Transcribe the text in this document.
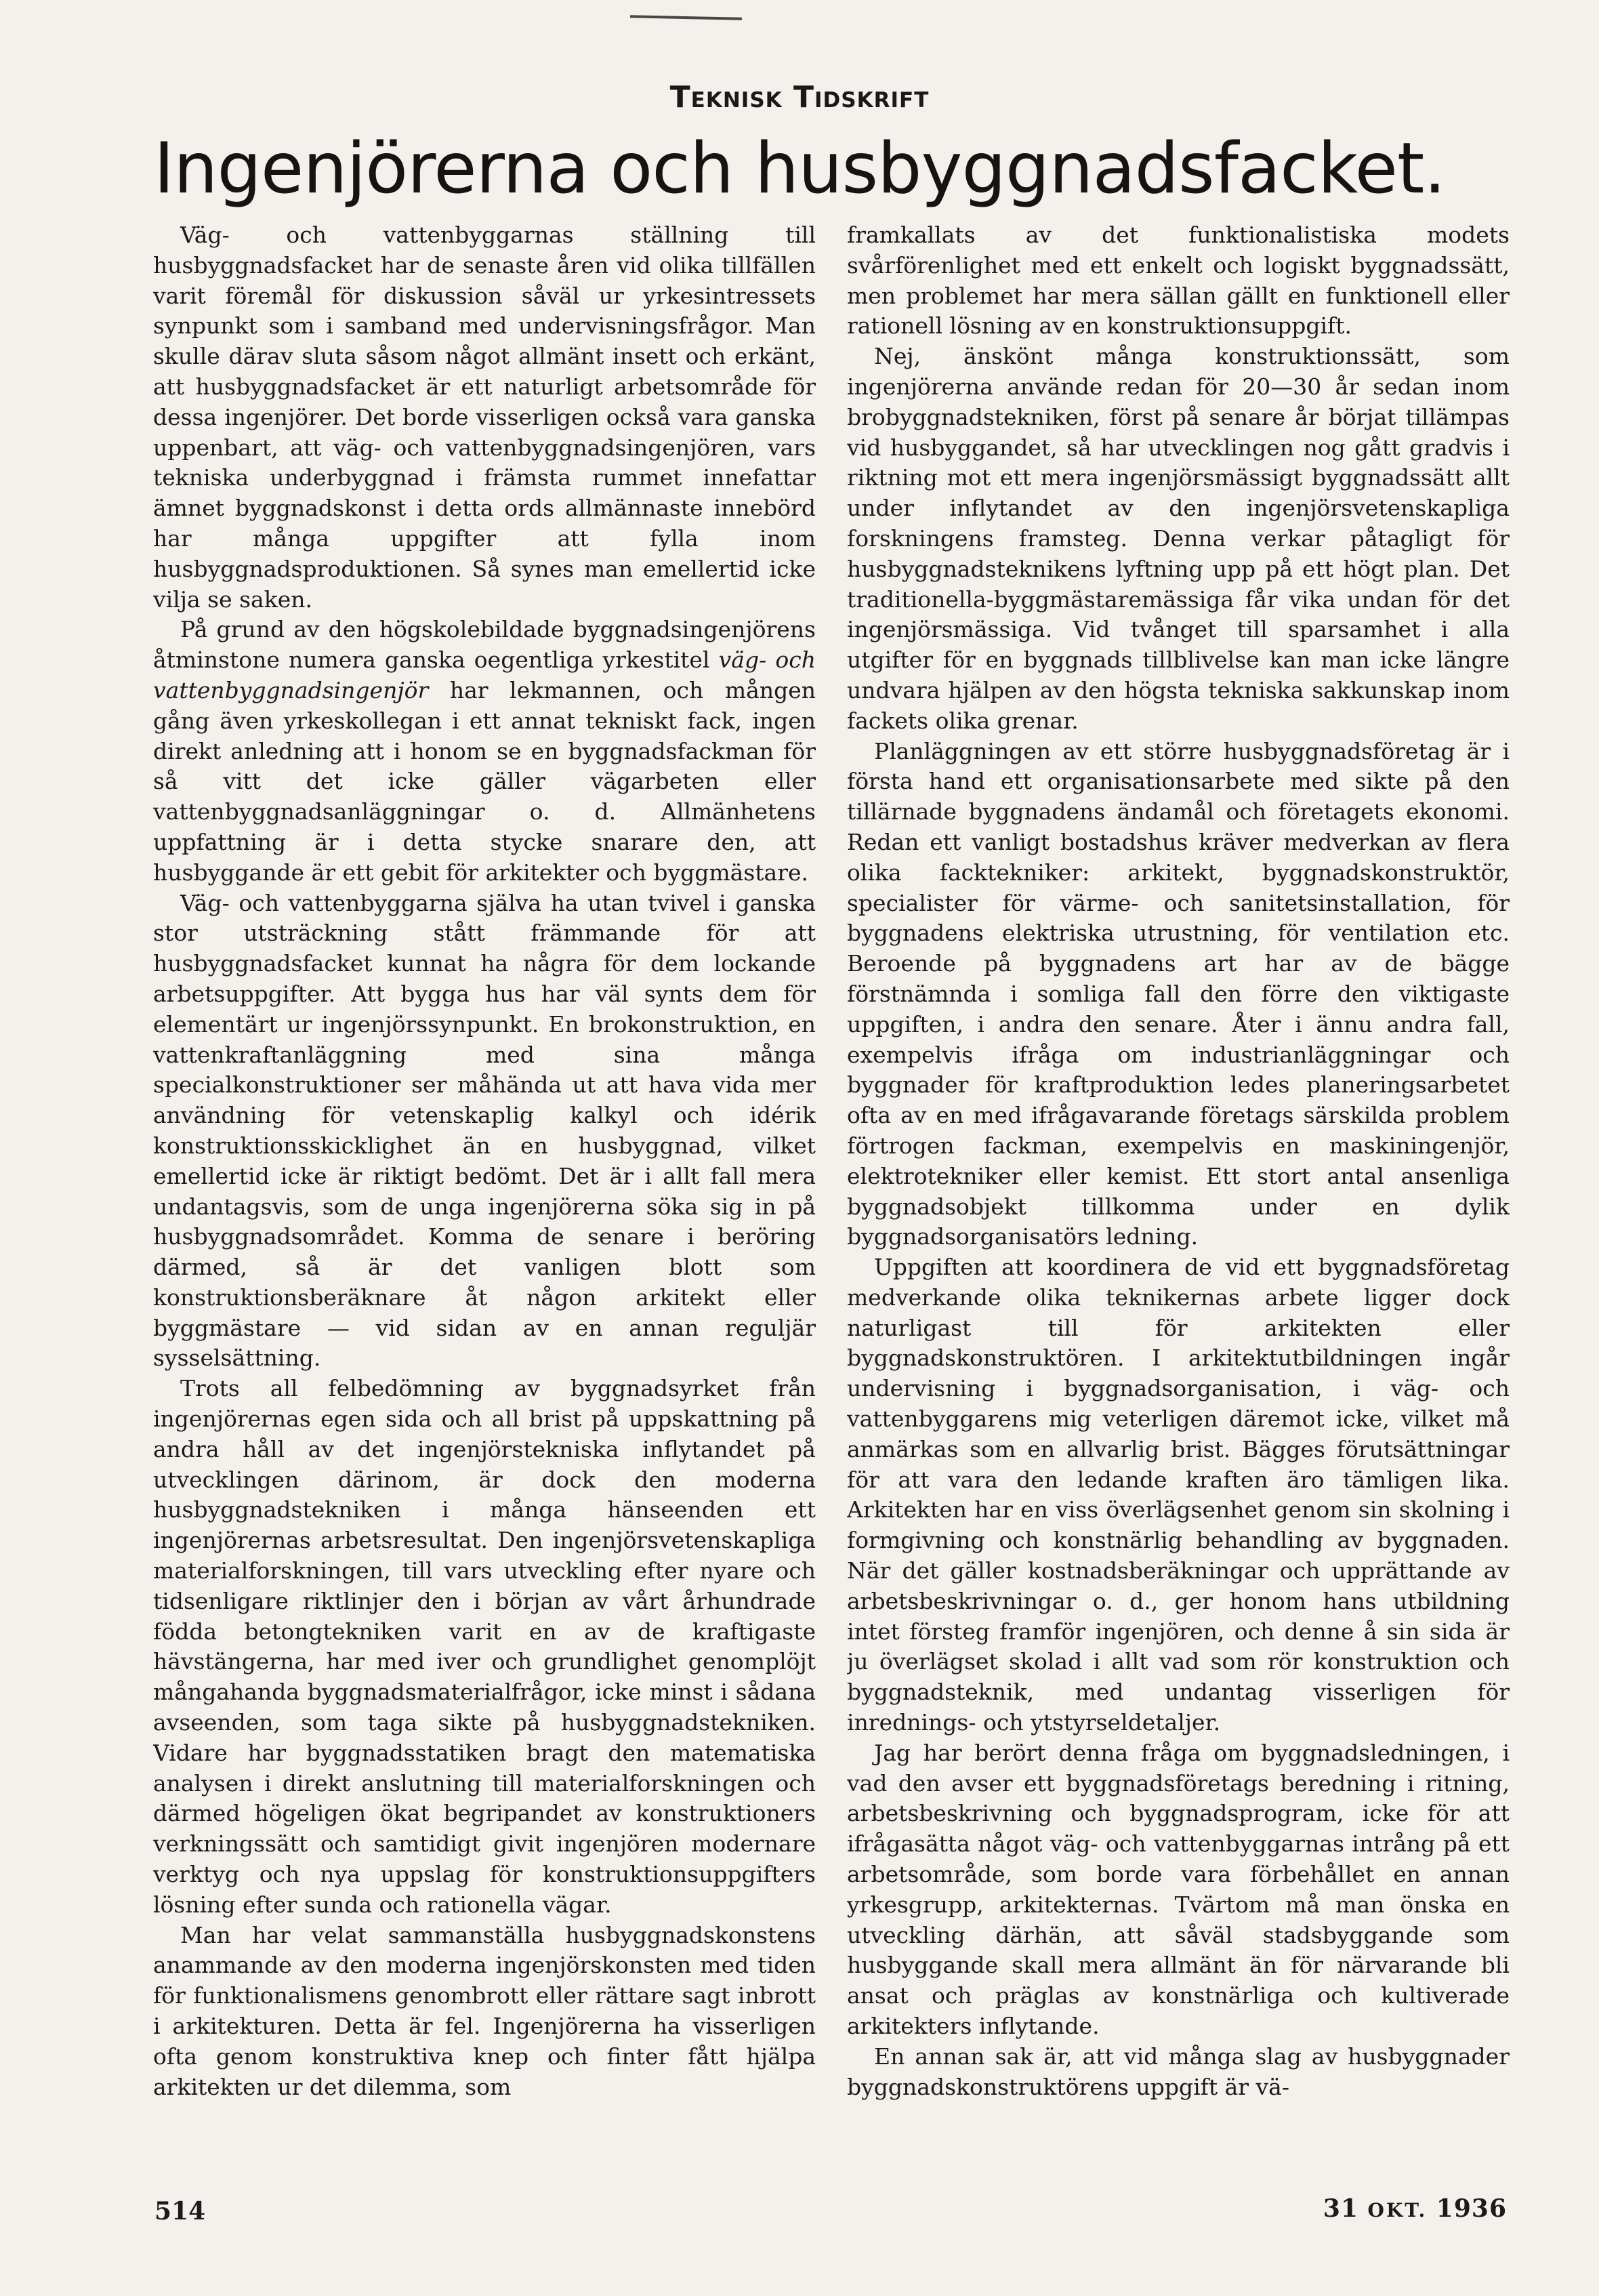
Teknisk Tidskrift
Ingenjörerna och husbyggnadsfacket.

Väg- och vattenbyggarnas ställning till husbyggnadsfacket har de senaste åren vid olika tillfällen varit föremål för diskussion såväl ur yrkesintressets synpunkt som i samband med undervisningsfrågor. Man skulle därav sluta såsom något allmänt insett och erkänt, att husbyggnadsfacket är ett naturligt arbetsområde för dessa ingenjörer. Det borde visserligen också vara ganska uppenbart, att väg- och vattenbyggnadsingenjören, vars tekniska underbyggnad i främsta rummet innefattar ämnet byggnadskonst i detta ords allmännaste innebörd har många uppgifter att fylla inom husbyggnadsproduktionen. Så synes man emellertid icke vilja se saken.

På grund av den högskolebildade byggnadsingenjörens åtminstone numera ganska oegentliga yrkestitel väg- och vattenbyggnadsingenjör har lekmannen, och mången gång även yrkeskollegan i ett annat tekniskt fack, ingen direkt anledning att i honom se en byggnadsfackman för så vitt det icke gäller vägarbeten eller vattenbyggnadsanläggningar o. d. Allmänhetens uppfattning är i detta stycke snarare den, att husbyggande är ett gebit för arkitekter och byggmästare.

Väg- och vattenbyggarna själva ha utan tvivel i ganska stor utsträckning stått främmande för att husbyggnadsfacket kunnat ha några för dem lockande arbetsuppgifter. Att bygga hus har väl synts dem för elementärt ur ingenjörssynpunkt. En brokonstruktion, en vattenkraftanläggning med sina många specialkonstruktioner ser måhända ut att hava vida mer användning för vetenskaplig kalkyl och idérik konstruktionsskicklighet än en husbyggnad, vilket emellertid icke är riktigt bedömt. Det är i allt fall mera undantagsvis, som de unga ingenjörerna söka sig in på husbyggnadsområdet. Komma de senare i beröring därmed, så är det vanligen blott som konstruktionsberäknare åt någon arkitekt eller byggmästare — vid sidan av en annan reguljär sysselsättning.

Trots all felbedömning av byggnadsyrket från ingenjörernas egen sida och all brist på uppskattning på andra håll av det ingenjörstekniska inflytandet på utvecklingen därinom, är dock den moderna husbyggnadstekniken i många hänseenden ett ingenjörernas arbetsresultat. Den ingenjörsvetenskapliga materialforskningen, till vars utveckling efter nyare och tidsenligare riktlinjer den i början av vårt århundrade födda betongtekniken varit en av de kraftigaste hävstängerna, har med iver och grundlighet genomplöjt mångahanda byggnadsmaterialfrågor, icke minst i sådana avseenden, som taga sikte på husbyggnadstekniken. Vidare har byggnadsstatiken bragt den matematiska analysen i direkt anslutning till materialforskningen och därmed högeligen ökat begripandet av konstruktioners verkningssätt och samtidigt givit ingenjören modernare verktyg och nya uppslag för konstruktionsuppgifters lösning efter sunda och rationella vägar.

Man har velat sammanställa husbyggnadskonstens anammande av den moderna ingenjörskonsten med tiden för funktionalismens genombrott eller rättare sagt inbrott i arkitekturen. Detta är fel. Ingenjörerna ha visserligen ofta genom konstruktiva knep och finter fått hjälpa arkitekten ur det dilemma, som

framkallats av det funktionalistiska modets svårförenlighet med ett enkelt och logiskt byggnadssätt, men problemet har mera sällan gällt en funktionell eller rationell lösning av en konstruktionsuppgift.

Nej, änskönt många konstruktionssätt, som ingenjörerna använde redan för 20—30 år sedan inom brobyggnadstekniken, först på senare år börjat tillämpas vid husbyggandet, så har utvecklingen nog gått gradvis i riktning mot ett mera ingenjörsmässigt byggnadssätt allt under inflytandet av den ingenjörsvetenskapliga forskningens framsteg. Denna verkar påtagligt för husbyggnadsteknikens lyftning upp på ett högt plan. Det traditionella-byggmästaremässiga får vika undan för det ingenjörsmässiga. Vid tvånget till sparsamhet i alla utgifter för en byggnads tillblivelse kan man icke längre undvara hjälpen av den högsta tekniska sakkunskap inom fackets olika grenar.

Planläggningen av ett större husbyggnadsföretag är i första hand ett organisationsarbete med sikte på den tillärnade byggnadens ändamål och företagets ekonomi. Redan ett vanligt bostadshus kräver medverkan av flera olika facktekniker: arkitekt, byggnadskonstruktör, specialister för värme- och sanitetsinstallation, för byggnadens elektriska utrustning, för ventilation etc. Beroende på byggnadens art har av de bägge förstnämnda i somliga fall den förre den viktigaste uppgiften, i andra den senare. Åter i ännu andra fall, exempelvis ifråga om industrianläggningar och byggnader för kraftproduktion ledes planeringsarbetet ofta av en med ifrågavarande företags särskilda problem förtrogen fackman, exempelvis en maskiningenjör, elektrotekniker eller kemist. Ett stort antal ansenliga byggnadsobjekt tillkomma under en dylik byggnadsorganisatörs ledning.

Uppgiften att koordinera de vid ett byggnadsföretag medverkande olika teknikernas arbete ligger dock naturligast till för arkitekten eller byggnadskonstruktören. I arkitektutbildningen ingår undervisning i byggnadsorganisation, i väg- och vattenbyggarens mig veterligen däremot icke, vilket må anmärkas som en allvarlig brist. Bägges förutsättningar för att vara den ledande kraften äro tämligen lika. Arkitekten har en viss överlägsenhet genom sin skolning i formgivning och konstnärlig behandling av byggnaden. När det gäller kostnadsberäkningar och upprättande av arbetsbeskrivningar o. d., ger honom hans utbildning intet försteg framför ingenjören, och denne å sin sida är ju överlägset skolad i allt vad som rör konstruktion och byggnadsteknik, med undantag visserligen för inrednings- och ytstyrseldetaljer.

Jag har berört denna fråga om byggnadsledningen, i vad den avser ett byggnadsföretags beredning i ritning, arbetsbeskrivning och byggnadsprogram, icke för att ifrågasätta något väg- och vattenbyggarnas intrång på ett arbetsområde, som borde vara förbehållet en annan yrkesgrupp, arkitekternas. Tvärtom må man önska en utveckling därhän, att såväl stadsbyggande som husbyggande skall mera allmänt än för närvarande bli ansat och präglas av konstnärliga och kultiverade arkitekters inflytande.

En annan sak är, att vid många slag av husbyggnader byggnadskonstruktörens uppgift är vä-

514	31 OKT. 1936
